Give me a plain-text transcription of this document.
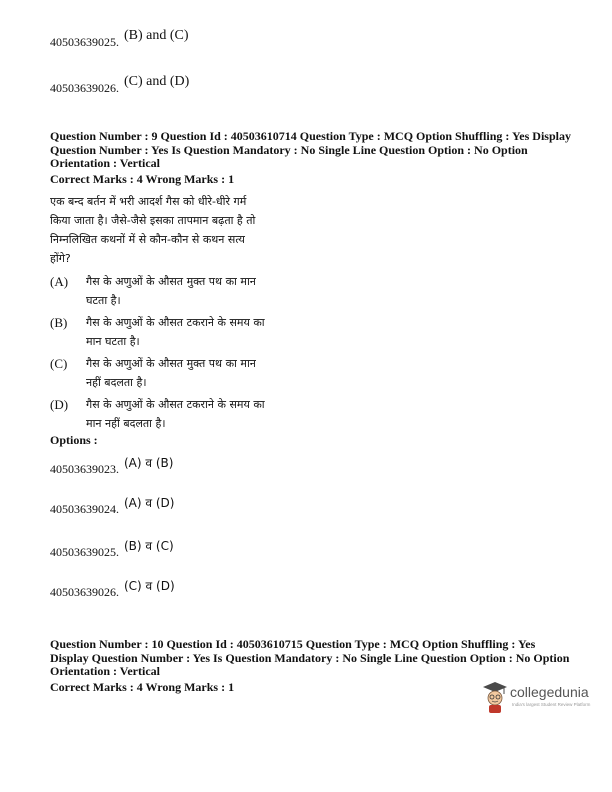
40503639025. (B) and (C)
40503639026. (C) and (D)
Question Number : 9 Question Id : 40503610714 Question Type : MCQ Option Shuffling : Yes Display
Question Number : Yes Is Question Mandatory : No Single Line Question Option : No Option
Orientation : Vertical
Correct Marks : 4 Wrong Marks : 1
एक बन्द बर्तन में भरी आदर्श गैस को धीरे-धीरे गर्म
किया जाता है। जैसे-जैसे इसका तापमान बढ़ता है तो
निम्नलिखित कथनों में से कौन-कौन से कथन सत्य
होंगे?
(A) गैस के अणुओं के औसत मुक्त पथ का मान
घटता है।
(B) गैस के अणुओं के औसत टकराने के समय का
मान घटता है।
(C) गैस के अणुओं के औसत मुक्त पथ का मान
नहीं बदलता है।
(D) गैस के अणुओं के औसत टकराने के समय का
मान नहीं बदलता है।
Options :
40503639023. (A) व (B)
40503639024. (A) व (D)
40503639025. (B) व (C)
40503639026. (C) व (D)
Question Number : 10 Question Id : 40503610715 Question Type : MCQ Option Shuffling : Yes
Display Question Number : Yes Is Question Mandatory : No Single Line Question Option : No Option
Orientation : Vertical
Correct Marks : 4 Wrong Marks : 1	collegedunia
India's largest Student Review Platform
